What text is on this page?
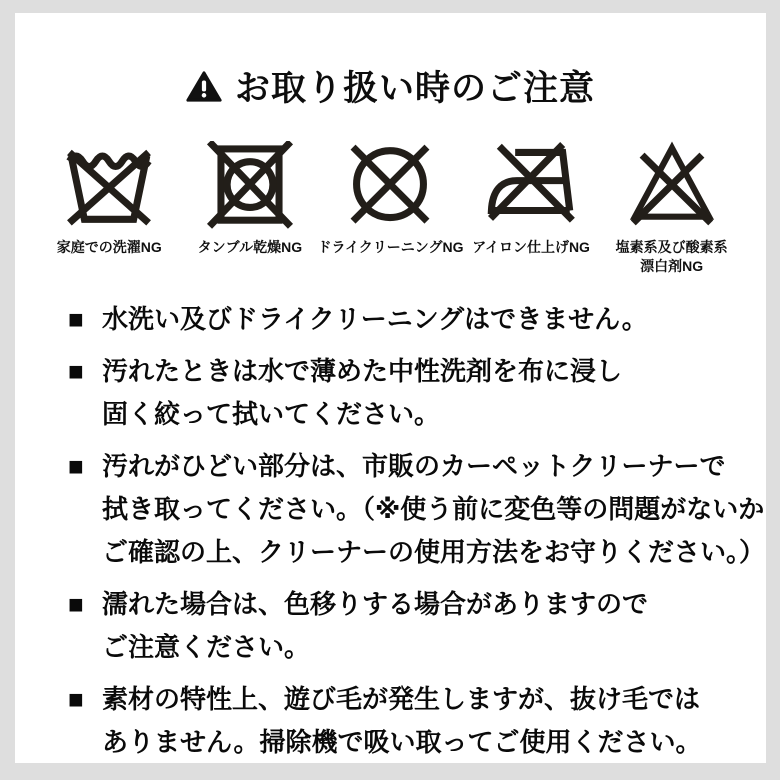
お取り扱い時のご注意
家庭での洗濯NG	タンブル乾燥NG ドライクリーニングNG アイロン仕上げNG 塩素系及び酸素系
漂白剤NG
■ 水洗い及びドライクリーニングはできません。
■ 汚れたときは水で薄めた中性洗剤を布に浸し
固く絞って拭いてください。
■ 汚れがひどい部分は、市販のカーペットクリーナーで
拭き取ってください。（※使う前に変色等の問題がないか
ご確認の上、クリーナーの使用方法をお守りください。）
■ 濡れた場合は、色移りする場合がありますので
ご注意ください。
■ 素材の特性上、遊び毛が発生しますが、抜け毛では
ありません。掃除機で吸い取ってご使用ください。
